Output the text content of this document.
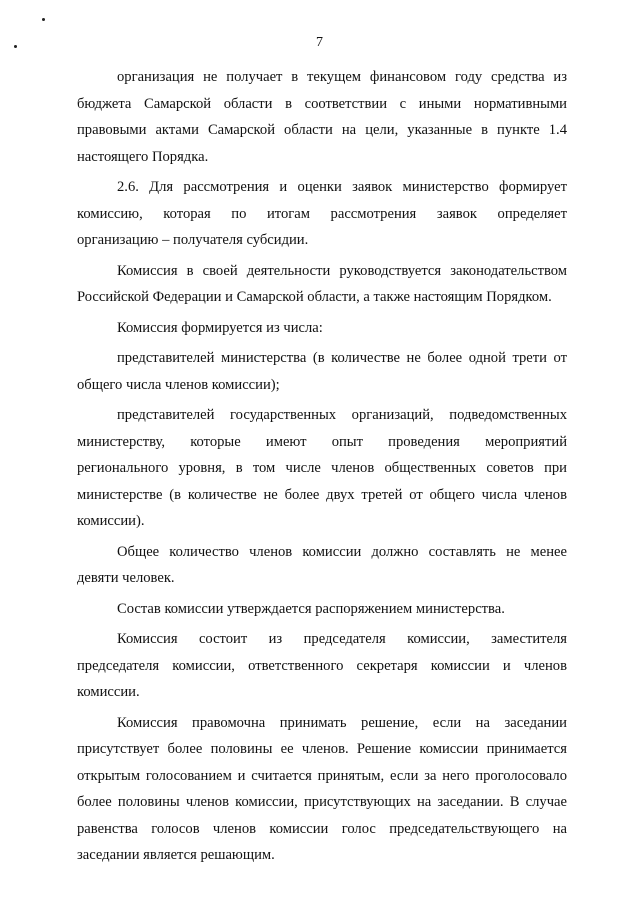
7
организация не получает в текущем финансовом году средства из
бюджета Самарской области в соответствии с иными нормативными
правовыми актами Самарской области на цели, указанные в пункте 1.4
настоящего Порядка.
2.6. Для рассмотрения и оценки заявок министерство формирует
комиссию, которая по итогам рассмотрения заявок определяет
организацию – получателя субсидии.
Комиссия в своей деятельности руководствуется законодательством
Российской Федерации и Самарской области, а также настоящим Порядком.
Комиссия формируется из числа:
представителей министерства (в количестве не более одной трети от
общего числа членов комиссии);
представителей государственных организаций, подведомственных
министерству, которые имеют опыт проведения мероприятий
регионального уровня, в том числе членов общественных советов при
министерстве (в количестве не более двух третей от общего числа членов
комиссии).
Общее количество членов комиссии должно составлять не менее
девяти человек.
Состав комиссии утверждается распоряжением министерства.
Комиссия состоит из председателя комиссии, заместителя
председателя комиссии, ответственного секретаря комиссии и членов
комиссии.
Комиссия правомочна принимать решение, если на заседании
присутствует более половины ее членов. Решение комиссии принимается
открытым голосованием и считается принятым, если за него проголосовало
более половины членов комиссии, присутствующих на заседании. В случае
равенства голосов членов комиссии голос председательствующего на
заседании является решающим.
